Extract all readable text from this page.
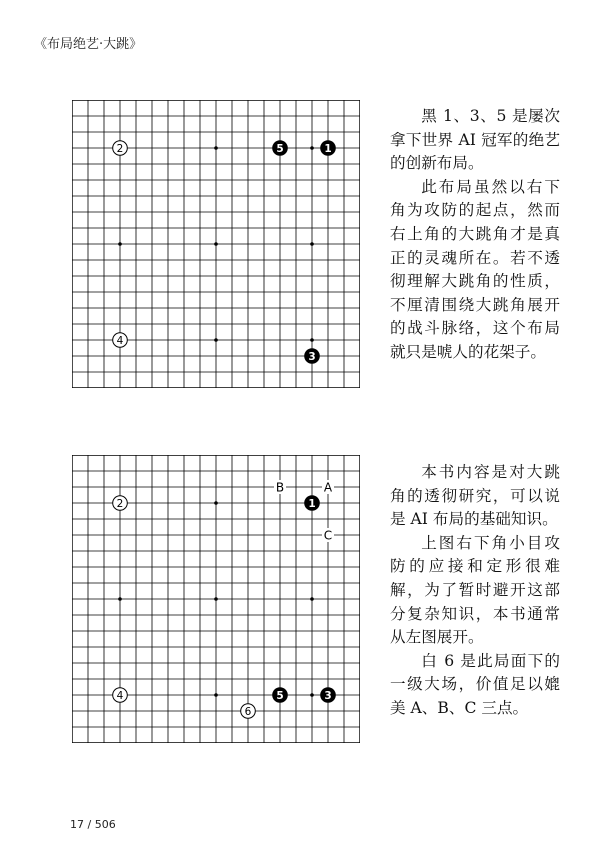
《布局绝艺·大跳》
1
2
3
4
5

黑 1、3、5 是屡次拿下世界 AI 冠军的绝艺的创新布局。

此布局虽然以右下角为攻防的起点，然而右上角的大跳角才是真正的灵魂所在。若不透彻理解大跳角的性质，不厘清围绕大跳角展开的战斗脉络，这个布局就只是唬人的花架子。

A
B
C
1
2
3
4	5
6

本书内容是对大跳角的透彻研究，可以说是 AI 布局的基础知识。

上图右下角小目攻防的应接和定形很难解，为了暂时避开这部分复杂知识，本书通常从左图展开。

白 6 是此局面下的一级大场，价值足以媲美 A、B、C 三点。

17 / 506
